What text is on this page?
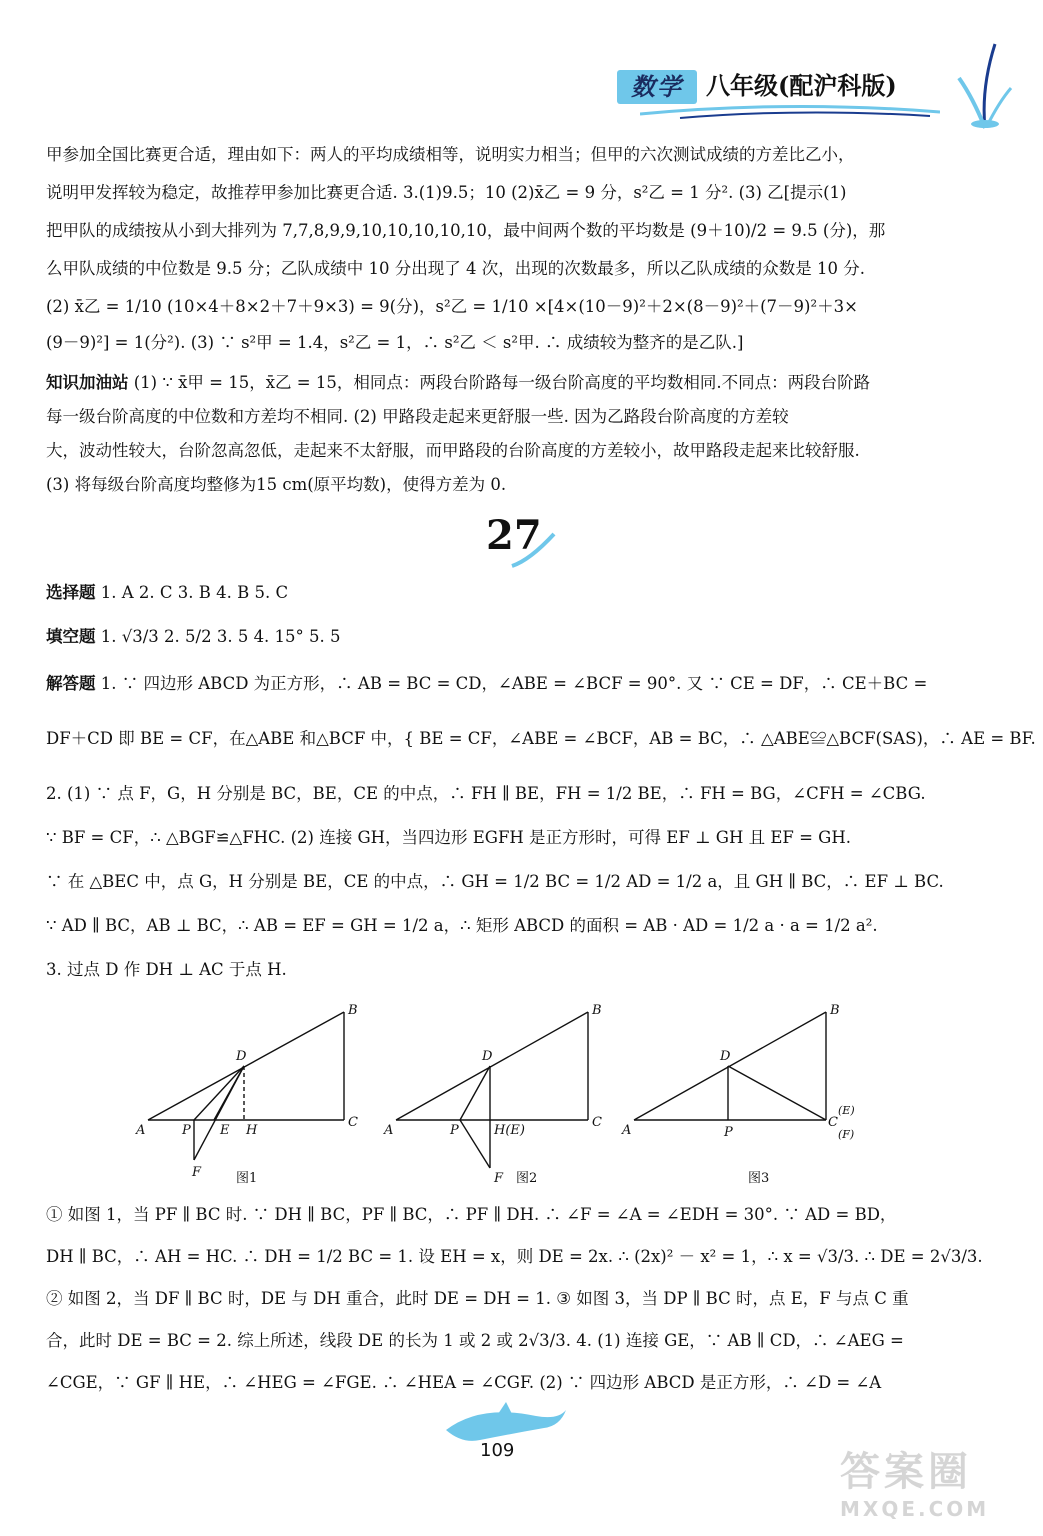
数学 八年级(配沪科版)
甲参加全国比赛更合适，理由如下：两人的平均成绩相等，说明实力相当；但甲的六次测试成绩的方差比乙小，
说明甲发挥较为稳定，故推荐甲参加比赛更合适. 3.(1)9.5；10 (2)x̄乙 = 9 分，s²乙 = 1 分². (3) 乙[提示(1)
把甲队的成绩按从小到大排列为 7,7,8,9,9,10,10,10,10,10，最中间两个数的平均数是 (9＋10)/2 = 9.5 (分)，那
么甲队成绩的中位数是 9.5 分；乙队成绩中 10 分出现了 4 次，出现的次数最多，所以乙队成绩的众数是 10 分.
(2) x̄乙 = 1/10 (10×4＋8×2＋7＋9×3) = 9(分)，s²乙 = 1/10 ×[4×(10－9)²＋2×(8－9)²＋(7－9)²＋3×
(9－9)²] = 1(分²). (3) ∵ s²甲 = 1.4，s²乙 = 1，∴ s²乙 ＜ s²甲. ∴ 成绩较为整齐的是乙队.]
知识加油站 (1) ∵ x̄甲 = 15，x̄乙 = 15，相同点：两段台阶路每一级台阶高度的平均数相同.不同点：两段台阶路
每一级台阶高度的中位数和方差均不相同. (2) 甲路段走起来更舒服一些. 因为乙路段台阶高度的方差较
大，波动性较大，台阶忽高忽低，走起来不太舒服，而甲路段的台阶高度的方差较小，故甲路段走起来比较舒服.
(3) 将每级台阶高度均整修为15 cm(原平均数)，使得方差为 0.
27
选择题 1. A 2. C 3. B 4. B 5. C
填空题 1. √3/3 2. 5/2 3. 5 4. 15° 5. 5
解答题 1. ∵ 四边形 ABCD 为正方形，∴ AB = BC = CD，∠ABE = ∠BCF = 90°. 又 ∵ CE = DF，∴ CE＋BC =
DF＋CD 即 BE = CF，在△ABE 和△BCF 中，{ BE = CF，∠ABE = ∠BCF，AB = BC，∴ △ABE≌△BCF(SAS)，∴ AE = BF.
2. (1) ∵ 点 F，G，H 分别是 BC，BE，CE 的中点，∴ FH ∥ BE，FH = 1/2 BE，∴ FH = BG，∠CFH = ∠CBG.
∵ BF = CF，∴ △BGF≌△FHC. (2) 连接 GH，当四边形 EGFH 是正方形时，可得 EF ⊥ GH 且 EF = GH.
∵ 在 △BEC 中，点 G，H 分别是 BE，CE 的中点，∴ GH = 1/2 BC = 1/2 AD = 1/2 a，且 GH ∥ BC，∴ EF ⊥ BC.
∵ AD ∥ BC，AB ⊥ BC，∴ AB = EF = GH = 1/2 a，∴ 矩形 ABCD 的面积 = AB · AD = 1/2 a · a = 1/2 a².
3. 过点 D 作 DH ⊥ AC 于点 H.
A
B
C
D
P E H
F	图1
A
B
C
D
P	H(E)
F 图2
A
B
C
D
P
(E)
(F)
图3
① 如图 1，当 PF ∥ BC 时. ∵ DH ∥ BC，PF ∥ BC，∴ PF ∥ DH. ∴ ∠F = ∠A = ∠EDH = 30°. ∵ AD = BD，
DH ∥ BC，∴ AH = HC. ∴ DH = 1/2 BC = 1. 设 EH = x，则 DE = 2x. ∴ (2x)² － x² = 1，∴ x = √3/3. ∴ DE = 2√3/3.
② 如图 2，当 DF ∥ BC 时，DE 与 DH 重合，此时 DE = DH = 1. ③ 如图 3，当 DP ∥ BC 时，点 E，F 与点 C 重
合，此时 DE = BC = 2. 综上所述，线段 DE 的长为 1 或 2 或 2√3/3. 4. (1) 连接 GE，∵ AB ∥ CD，∴ ∠AEG =
∠CGE，∵ GF ∥ HE，∴ ∠HEG = ∠FGE. ∴ ∠HEA = ∠CGF. (2) ∵ 四边形 ABCD 是正方形，∴ ∠D = ∠A
109	答案圈
MXQE.COM
